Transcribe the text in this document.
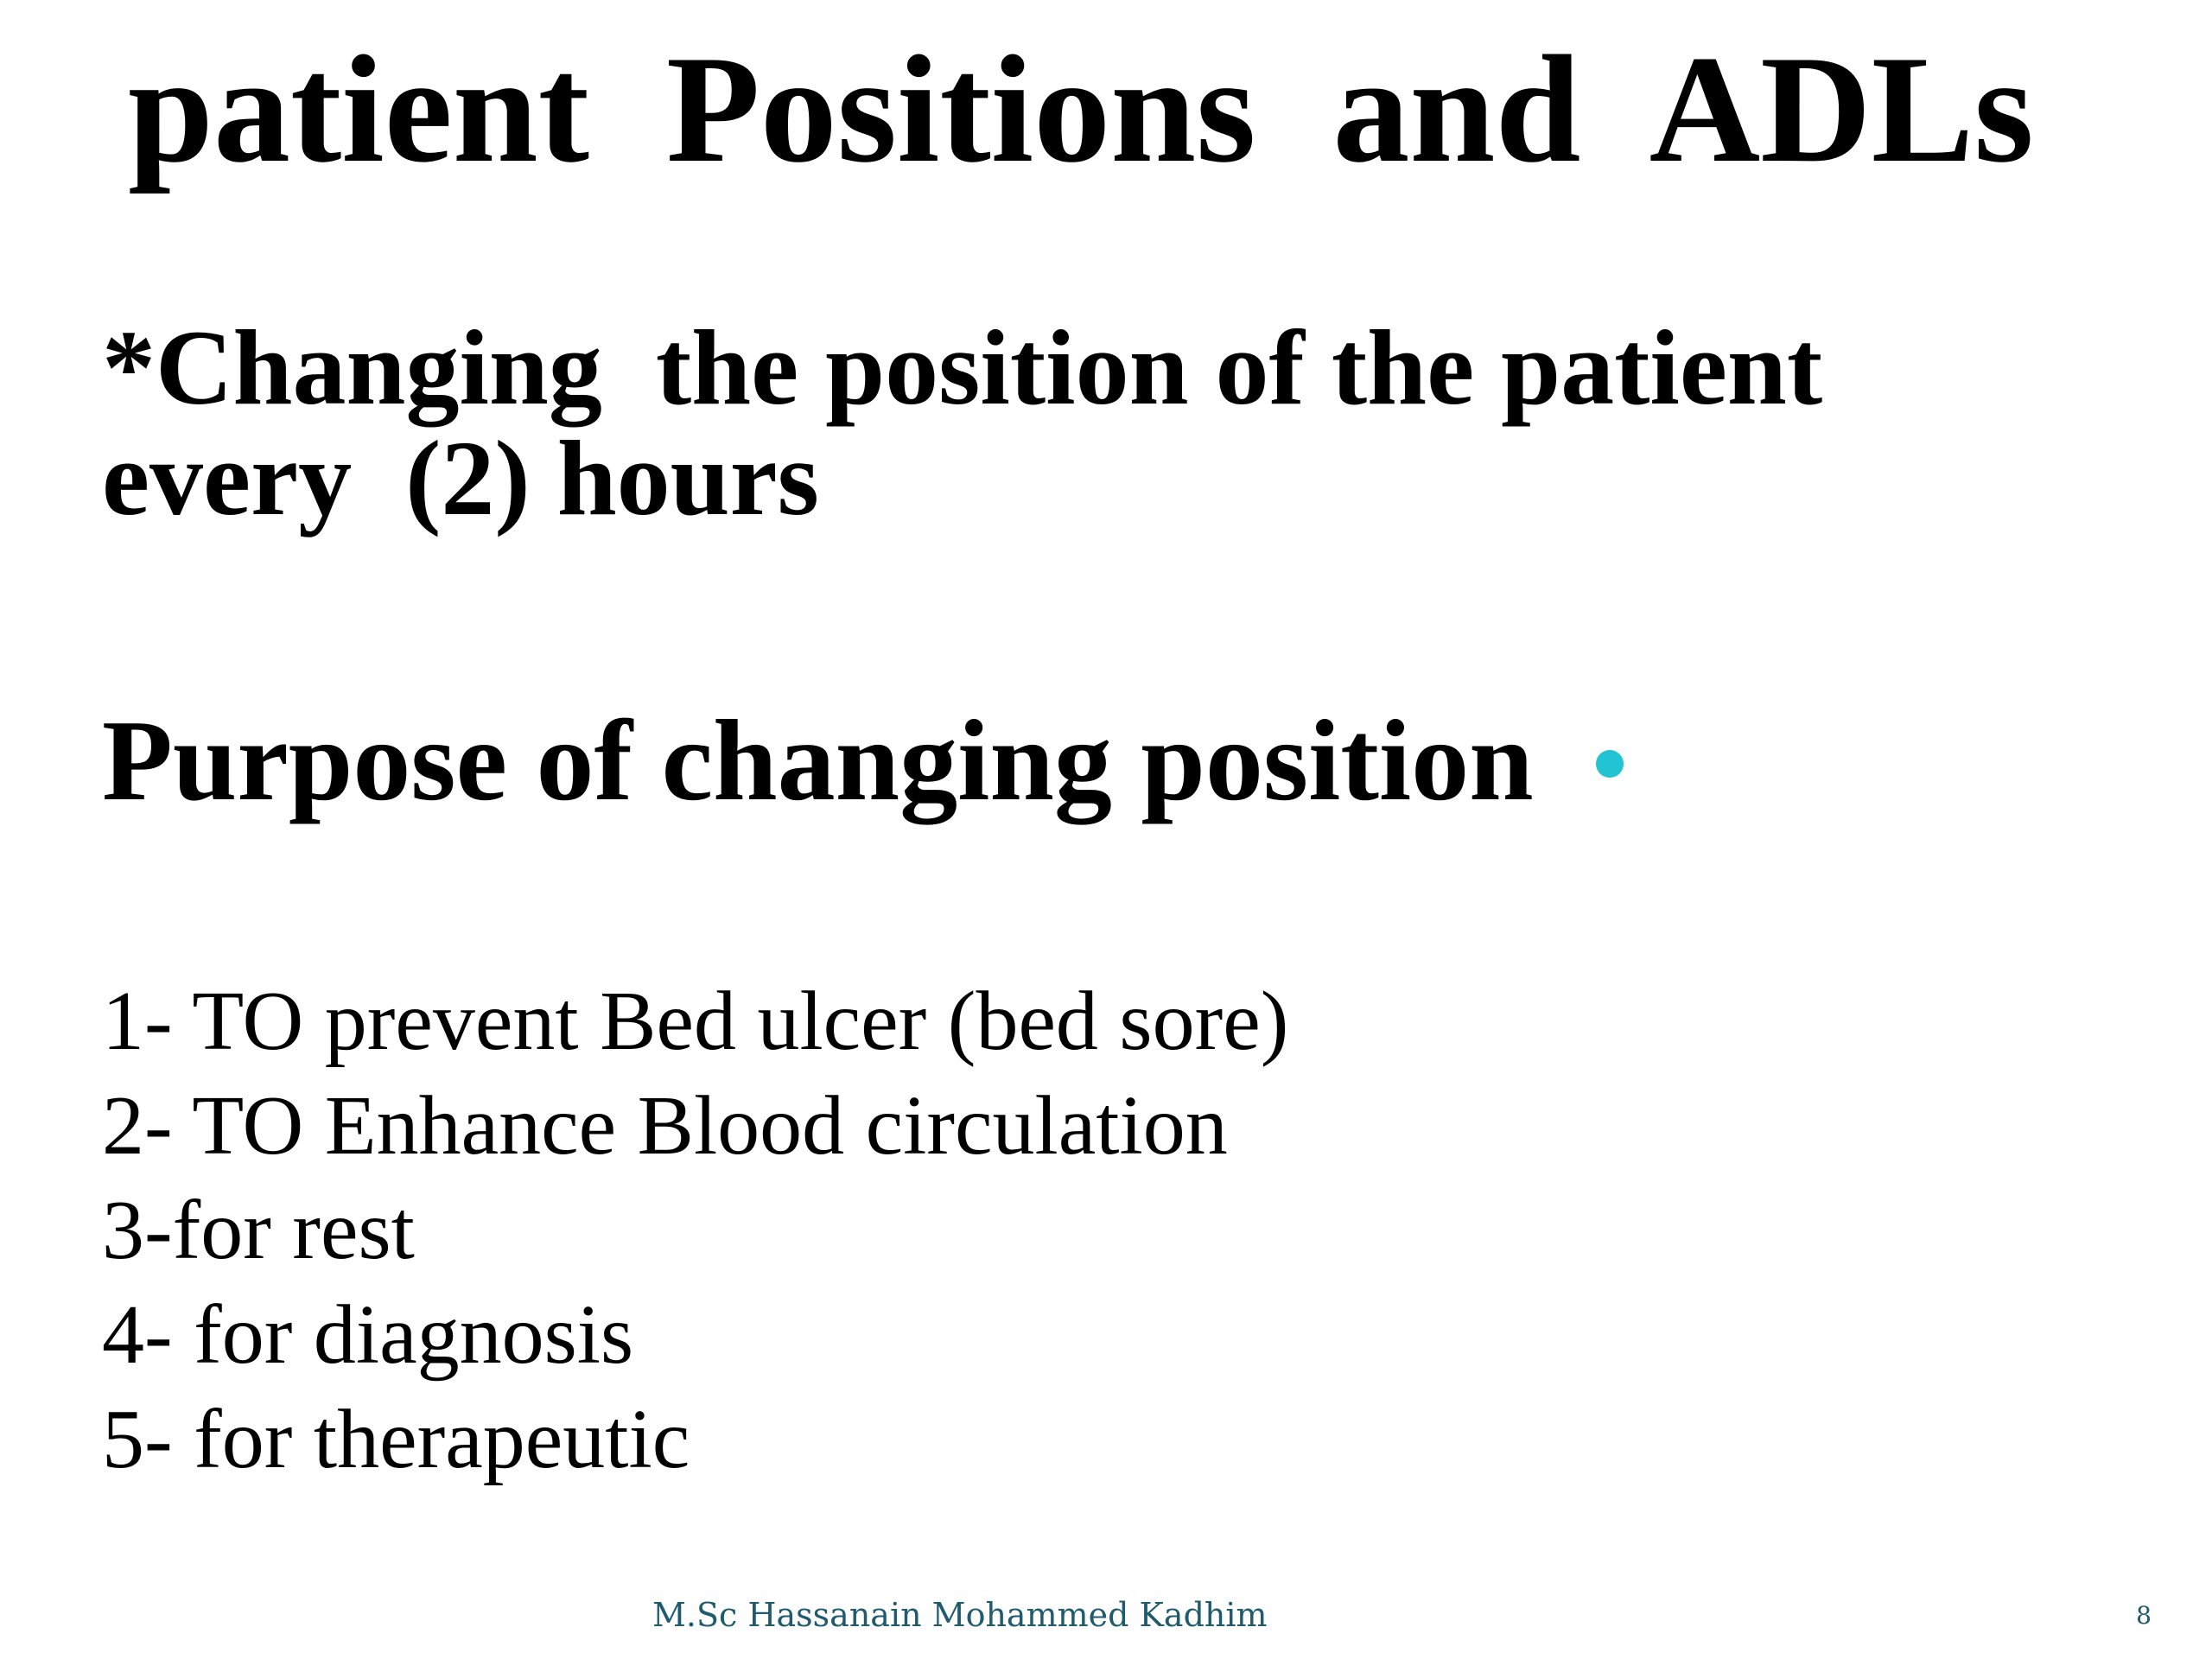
patient  Positions  and  ADLs
*Changing  the position of the patient
every  (2) hours
Purpose of changing position
1- TO prevent Bed ulcer (bed sore)
2- TO Enhance Blood circulation
3-for rest
4- for diagnosis
5- for therapeutic
M.Sc Hassanain Mohammed Kadhim	8
